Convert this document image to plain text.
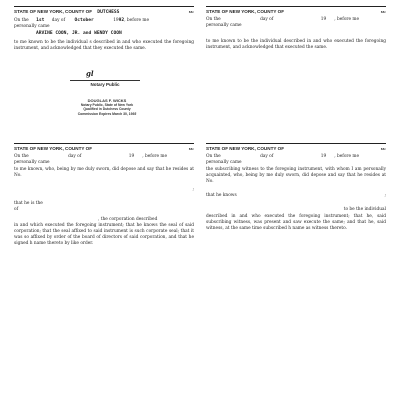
STATE OF NEW YORK, COUNTY OF DUTCHESS	ss:
On the 1st day of October	1992, before me
personally came
ARVINE COON, JR. and WENDY COON
to me known to be the individual s described in and who executed the foregoing instrument, and acknowledged that they executed the same.
gl
Notary Public
DOUGLAS F. WICKS
Notary Public, State of New York
Qualified in Dutchess County
Commission Expires March 30, 1993
STATE OF NEW YORK, COUNTY OF	ss:
On the	day of	19 , before me
personally came
to me known to be the individual described in and who executed the foregoing instrument, and acknowledged that executed the same.
STATE OF NEW YORK, COUNTY OF	ss:
On the	day of	19 , before me
personally came
to me known, who, being by me duly sworn, did depose and say that he resides at No.
;
that he is the
of
, the corporation described
in and which executed the foregoing instrument; that he knows the seal of said corporation; that the seal affixed to said instrument is such corporate seal; that it was so affixed by order of the board of directors of said corporation, and that he signed h name thereto by like order.
STATE OF NEW YORK, COUNTY OF	ss:
On the	day of	19 , before me
personally came
the subscribing witness to the foregoing instrument, with whom I am personally acquainted, who, being by me duly sworn, did depose and say that he resides at No.
that he knows	;
to be the individual
described in and who executed the foregoing instrument; that he, said subscribing witness, was present and saw execute the same; and that he, said witness, at the same time subscribed h name as witness thereto.
